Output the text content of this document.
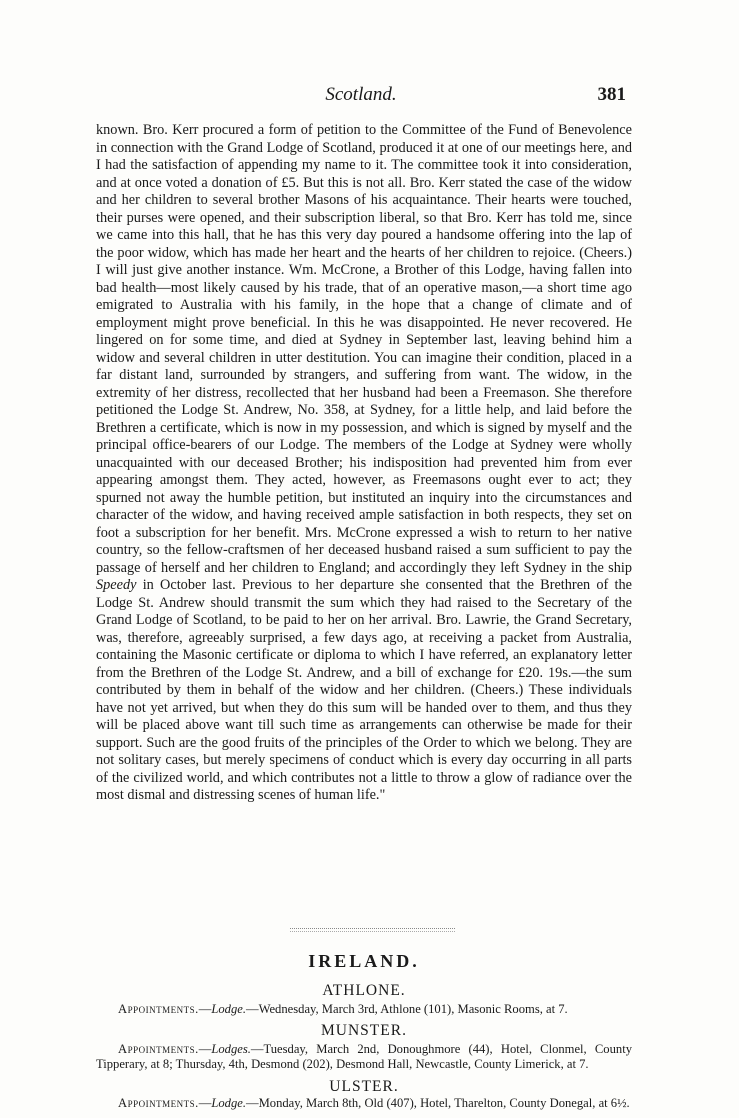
Scotland.	381
known. Bro. Kerr procured a form of petition to the Committee of the Fund of Benevolence in connection with the Grand Lodge of Scotland, produced it at one of our meetings here, and I had the satisfaction of appending my name to it. The committee took it into consideration, and at once voted a donation of £5. But this is not all. Bro. Kerr stated the case of the widow and her children to several brother Masons of his acquaintance. Their hearts were touched, their purses were opened, and their subscription liberal, so that Bro. Kerr has told me, since we came into this hall, that he has this very day poured a handsome offering into the lap of the poor widow, which has made her heart and the hearts of her children to rejoice. (Cheers.) I will just give another instance. Wm. McCrone, a Brother of this Lodge, having fallen into bad health—most likely caused by his trade, that of an operative mason,—a short time ago emigrated to Australia with his family, in the hope that a change of climate and of employment might prove beneficial. In this he was disappointed. He never recovered. He lingered on for some time, and died at Sydney in September last, leaving behind him a widow and several children in utter destitution. You can imagine their condition, placed in a far distant land, surrounded by strangers, and suffering from want. The widow, in the extremity of her distress, recollected that her husband had been a Freemason. She therefore petitioned the Lodge St. Andrew, No. 358, at Sydney, for a little help, and laid before the Brethren a certificate, which is now in my possession, and which is signed by myself and the principal office-bearers of our Lodge. The members of the Lodge at Sydney were wholly unacquainted with our deceased Brother; his indisposition had prevented him from ever appearing amongst them. They acted, however, as Freemasons ought ever to act; they spurned not away the humble petition, but instituted an inquiry into the circumstances and character of the widow, and having received ample satisfaction in both respects, they set on foot a subscription for her benefit. Mrs. McCrone expressed a wish to return to her native country, so the fellow-craftsmen of her deceased husband raised a sum sufficient to pay the passage of herself and her children to England; and accordingly they left Sydney in the ship Speedy in October last. Previous to her departure she consented that the Brethren of the Lodge St. Andrew should transmit the sum which they had raised to the Secretary of the Grand Lodge of Scotland, to be paid to her on her arrival. Bro. Lawrie, the Grand Secretary, was, therefore, agreeably surprised, a few days ago, at receiving a packet from Australia, containing the Masonic certificate or diploma to which I have referred, an explanatory letter from the Brethren of the Lodge St. Andrew, and a bill of exchange for £20. 19s.—the sum contributed by them in behalf of the widow and her children. (Cheers.) These individuals have not yet arrived, but when they do this sum will be handed over to them, and thus they will be placed above want till such time as arrangements can otherwise be made for their support. Such are the good fruits of the principles of the Order to which we belong. They are not solitary cases, but merely specimens of conduct which is every day occurring in all parts of the civilized world, and which contributes not a little to throw a glow of radiance over the most dismal and distressing scenes of human life."
IRELAND.
ATHLONE.
Appointments.—Lodge.—Wednesday, March 3rd, Athlone (101), Masonic Rooms, at 7.
MUNSTER.
Appointments.—Lodges.—Tuesday, March 2nd, Donoughmore (44), Hotel, Clonmel, County Tipperary, at 8; Thursday, 4th, Desmond (202), Desmond Hall, Newcastle, County Limerick, at 7.
ULSTER.
Appointments.—Lodge.—Monday, March 8th, Old (407), Hotel, Tharelton, County Donegal, at 6½.
